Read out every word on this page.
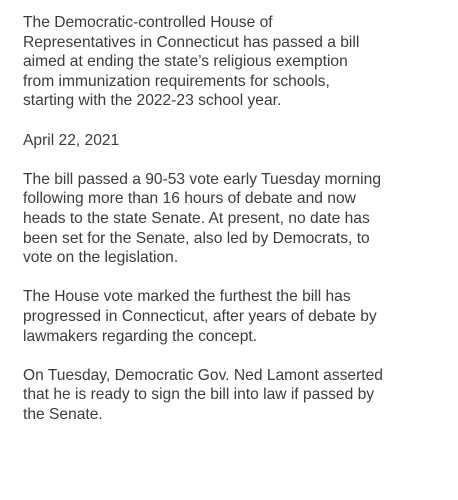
The Democratic-controlled House of
Representatives in Connecticut has passed a bill
aimed at ending the state’s religious exemption
from immunization requirements for schools,
starting with the 2022-23 school year.

April 22, 2021

The bill passed a 90-53 vote early Tuesday morning
following more than 16 hours of debate and now
heads to the state Senate. At present, no date has
been set for the Senate, also led by Democrats, to
vote on the legislation.

The House vote marked the furthest the bill has
progressed in Connecticut, after years of debate by
lawmakers regarding the concept.

On Tuesday, Democratic Gov. Ned Lamont asserted
that he is ready to sign the bill into law if passed by
the Senate.
